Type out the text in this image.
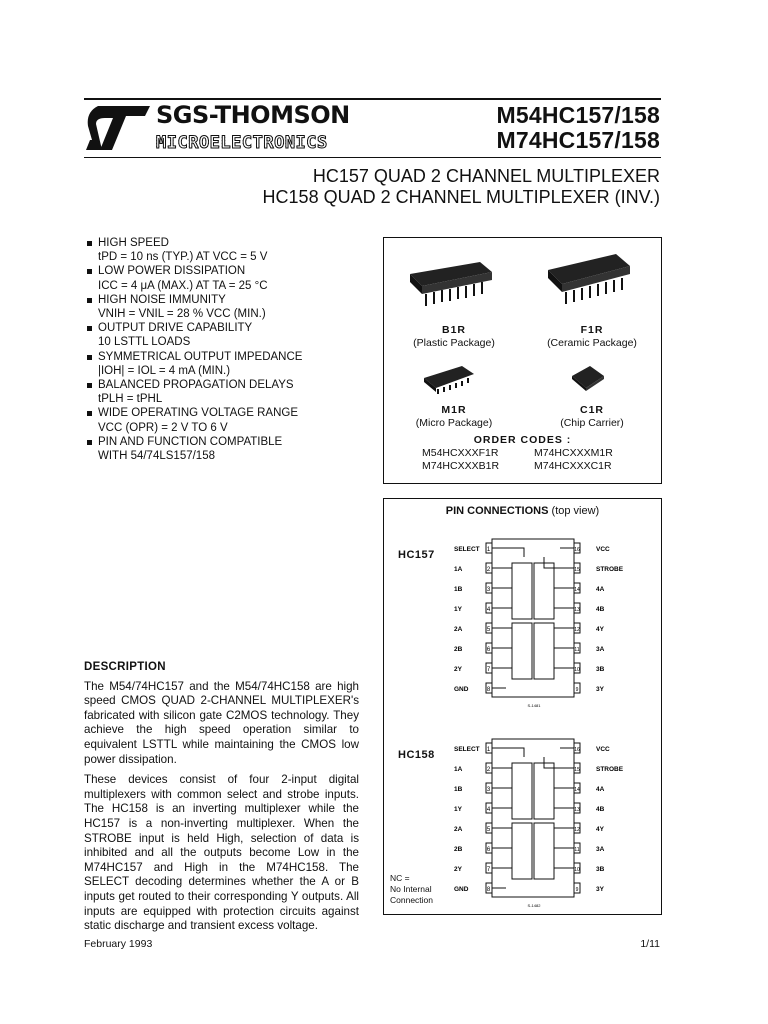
SGS-THOMSON
MICROELECTRONICS
M54HC157/158
M74HC157/158
HC157 QUAD 2 CHANNEL MULTIPLEXER
HC158 QUAD 2 CHANNEL MULTIPLEXER (INV.)
HIGH SPEED
tPD = 10 ns (TYP.) AT VCC = 5 V
LOW POWER DISSIPATION
ICC = 4 μA (MAX.) AT TA = 25 °C
HIGH NOISE IMMUNITY
VNIH = VNIL = 28 % VCC (MIN.)
OUTPUT DRIVE CAPABILITY
10 LSTTL LOADS
SYMMETRICAL OUTPUT IMPEDANCE
|IOH| = IOL = 4 mA (MIN.)
BALANCED PROPAGATION DELAYS
tPLH = tPHL
WIDE OPERATING VOLTAGE RANGE
VCC (OPR) = 2 V TO 6 V
PIN AND FUNCTION COMPATIBLE
WITH 54/74LS157/158
B1R
(Plastic Package)
F1R
(Ceramic Package)
M1R
(Micro Package)
C1R
(Chip Carrier)
ORDER CODES :
M54HCXXXF1R	M74HCXXXM1R
M74HCXXXB1R	M74HCXXXC1R
PIN CONNECTIONS (top view)
HC157
HC158
1
SELECT	16 VCC
2
1A	15 STROBE
3
1B	14 4A
4
1Y	13 4B
5
2A	12 4Y
6
2B	11	3A
7
2Y	10 3B
8
GND	9	3Y
S-1481
1
SELECT	16 VCC
2
1A	15 STROBE
3
1B	14 4A
4
1Y	13 4B
5
2A	12 4Y
6
2B	11	3A
7
2Y	10 3B
8
GND	9	3Y
S-1482
NC =
No Internal
Connection
DESCRIPTION

The M54/74HC157 and the M54/74HC158 are high speed CMOS QUAD 2-CHANNEL MULTIPLEXER's fabricated with silicon gate C2MOS technology. They achieve the high speed operation similar to equivalent LSTTL while maintaining the CMOS low power dissipation.

These devices consist of four 2-input digital multiplexers with common select and strobe inputs. The HC158 is an inverting multiplexer while the HC157 is a non-inverting multiplexer. When the STROBE input is held High, selection of data is inhibited and all the outputs become Low in the M74HC157 and High in the M74HC158. The SELECT decoding determines whether the A or B inputs get routed to their corresponding Y outputs. All inputs are equipped with protection circuits against static discharge and transient excess voltage.

February 1993	1/11
